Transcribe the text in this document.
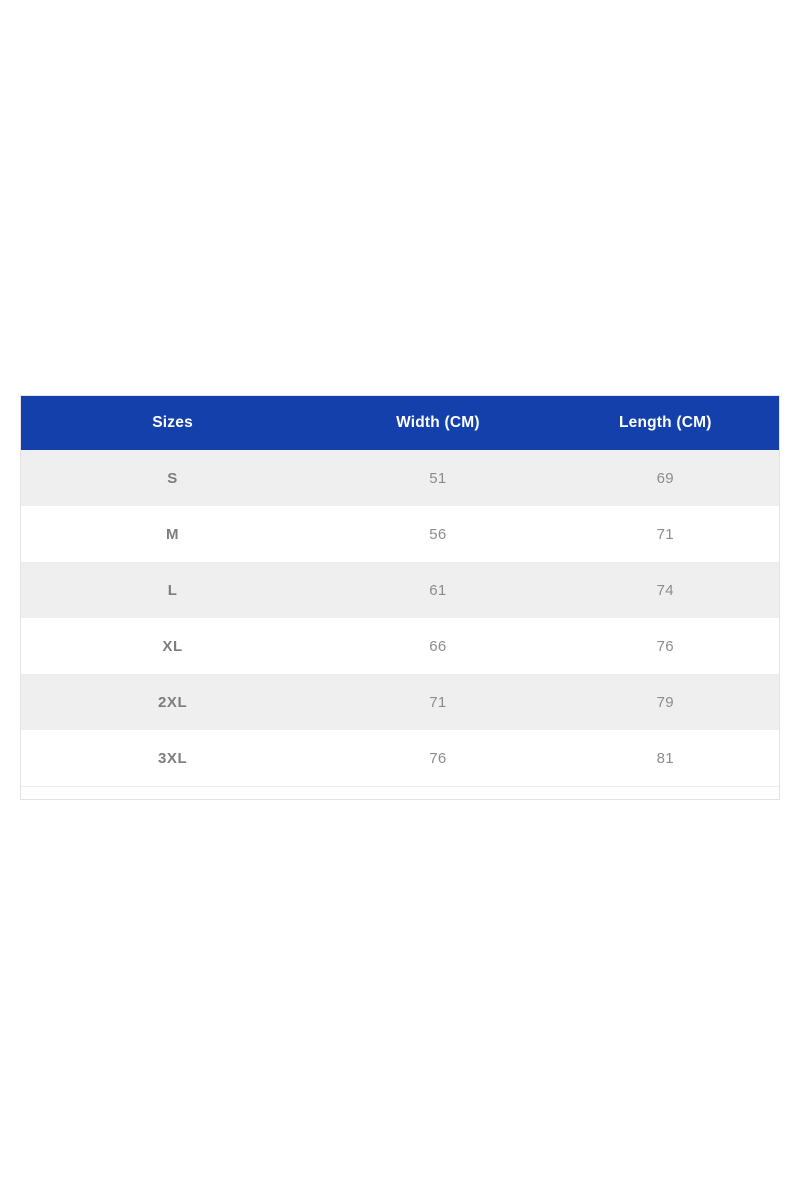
Sizes	Width (CM)	Length (CM)
S	51	69
M	56	71
L	61	74
XL	66	76
2XL	71	79
3XL	76	81
